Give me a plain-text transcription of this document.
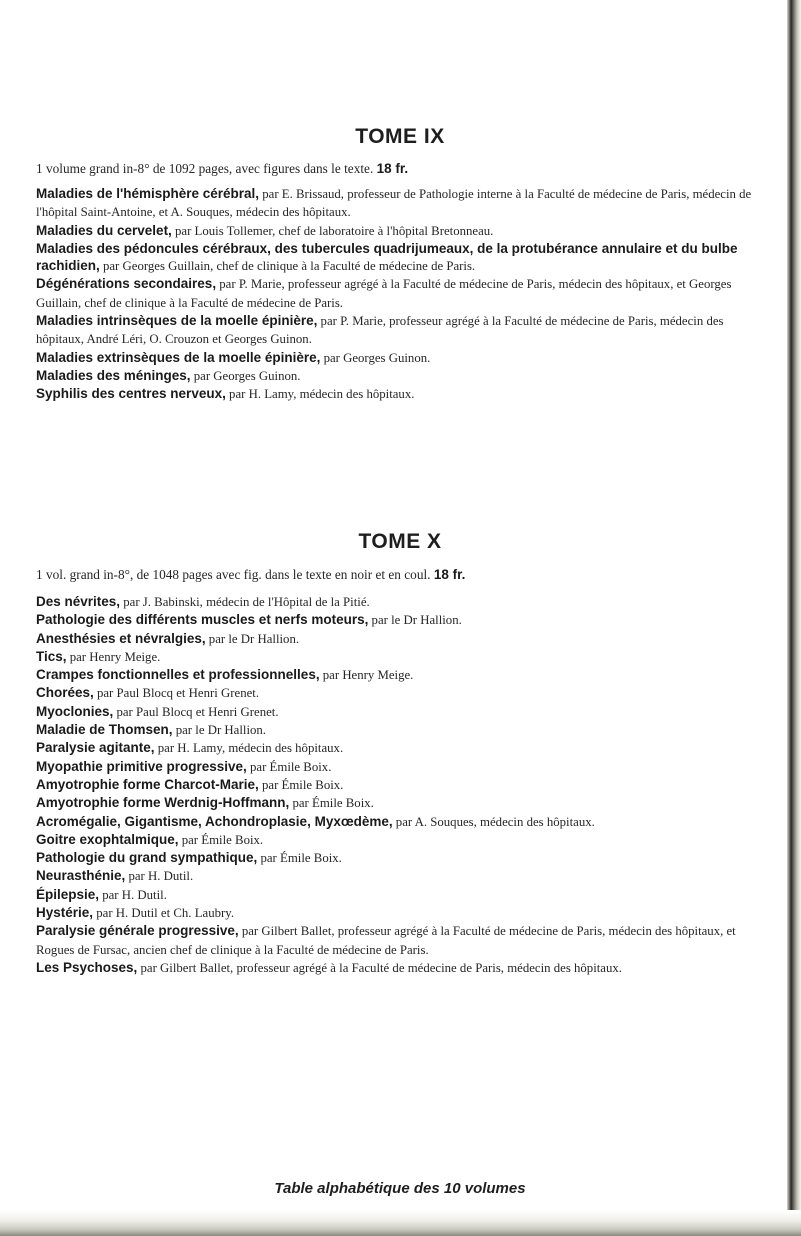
TOME IX
1 volume grand in-8° de 1092 pages, avec figures dans le texte. 18 fr.

Maladies de l'hémisphère cérébral, par E. Brissaud, professeur de Pathologie interne à la Faculté de médecine de Paris, médecin de l'hôpital Saint-Antoine, et A. Souques, médecin des hôpitaux.

Maladies du cervelet, par Louis Tollemer, chef de laboratoire à l'hôpital Bretonneau.

Maladies des pédoncules cérébraux, des tubercules quadrijumeaux, de la protubérance annulaire et du bulbe rachidien, par Georges Guillain, chef de clinique à la Faculté de médecine de Paris.

Dégénérations secondaires, par P. Marie, professeur agrégé à la Faculté de médecine de Paris, médecin des hôpitaux, et Georges Guillain, chef de clinique à la Faculté de médecine de Paris.

Maladies intrinsèques de la moelle épinière, par P. Marie, professeur agrégé à la Faculté de médecine de Paris, médecin des hôpitaux, André Léri, O. Crouzon et Georges Guinon.

Maladies extrinsèques de la moelle épinière, par Georges Guinon.

Maladies des méninges, par Georges Guinon.

Syphilis des centres nerveux, par H. Lamy, médecin des hôpitaux.

TOME X
1 vol. grand in-8°, de 1048 pages avec fig. dans le texte en noir et en coul. 18 fr.

Des névrites, par J. Babinski, médecin de l'Hôpital de la Pitié.

Pathologie des différents muscles et nerfs moteurs, par le Dr Hallion.

Anesthésies et névralgies, par le Dr Hallion.

Tics, par Henry Meige.

Crampes fonctionnelles et professionnelles, par Henry Meige.

Chorées, par Paul Blocq et Henri Grenet.

Myoclonies, par Paul Blocq et Henri Grenet.

Maladie de Thomsen, par le Dr Hallion.

Paralysie agitante, par H. Lamy, médecin des hôpitaux.

Myopathie primitive progressive, par Émile Boix.

Amyotrophie forme Charcot-Marie, par Émile Boix.

Amyotrophie forme Werdnig-Hoffmann, par Émile Boix.

Acromégalie, Gigantisme, Achondroplasie, Myxœdème, par A. Souques, médecin des hôpitaux.

Goitre exophtalmique, par Émile Boix.

Pathologie du grand sympathique, par Émile Boix.

Neurasthénie, par H. Dutil.

Épilepsie, par H. Dutil.

Hystérie, par H. Dutil et Ch. Laubry.

Paralysie générale progressive, par Gilbert Ballet, professeur agrégé à la Faculté de médecine de Paris, médecin des hôpitaux, et Rogues de Fursac, ancien chef de clinique à la Faculté de médecine de Paris.

Les Psychoses, par Gilbert Ballet, professeur agrégé à la Faculté de médecine de Paris, médecin des hôpitaux.

Table alphabétique des 10 volumes
